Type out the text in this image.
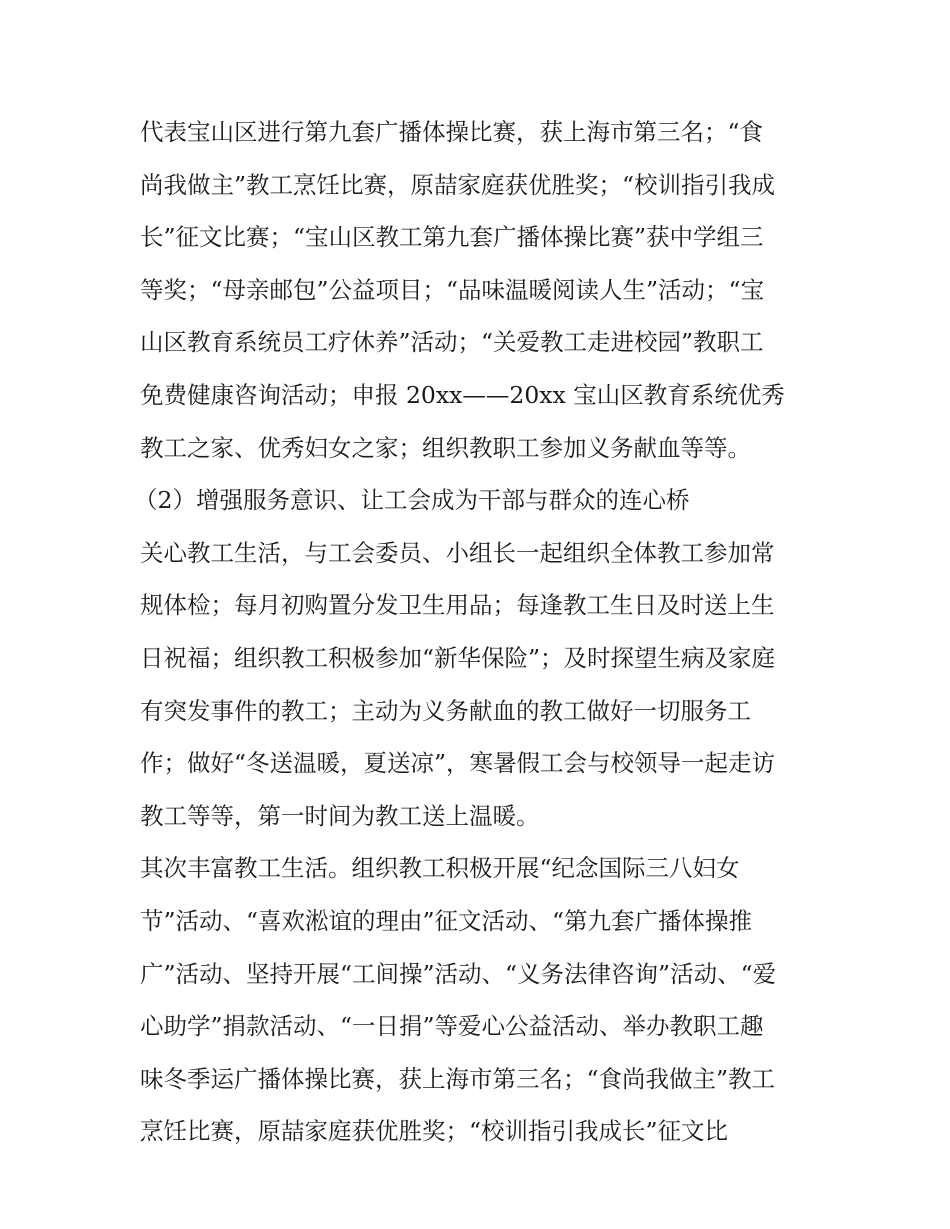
代表宝山区进行第九套广播体操比赛，获上海市第三名；“食
尚我做主”教工烹饪比赛，原喆家庭获优胜奖；“校训指引我成
长”征文比赛；“宝山区教工第九套广播体操比赛”获中学组三
等奖；“母亲邮包”公益项目；“品味温暖阅读人生”活动；“宝
山区教育系统员工疗休养”活动；“关爱教工走进校园”教职工
免费健康咨询活动；申报 20xx——20xx 宝山区教育系统优秀
教工之家、优秀妇女之家；组织教职工参加义务献血等等。
（2）增强服务意识、让工会成为干部与群众的连心桥
关心教工生活，与工会委员、小组长一起组织全体教工参加常
规体检；每月初购置分发卫生用品；每逢教工生日及时送上生
日祝福；组织教工积极参加“新华保险”；及时探望生病及家庭
有突发事件的教工；主动为义务献血的教工做好一切服务工
作；做好“冬送温暖，夏送凉”，寒暑假工会与校领导一起走访
教工等等，第一时间为教工送上温暖。
其次丰富教工生活。组织教工积极开展“纪念国际三八妇女
节”活动、“喜欢淞谊的理由”征文活动、“第九套广播体操推
广”活动、坚持开展“工间操”活动、“义务法律咨询”活动、“爱
心助学”捐款活动、“一日捐”等爱心公益活动、举办教职工趣
味冬季运广播体操比赛，获上海市第三名；“食尚我做主”教工
烹饪比赛，原喆家庭获优胜奖；“校训指引我成长”征文比
